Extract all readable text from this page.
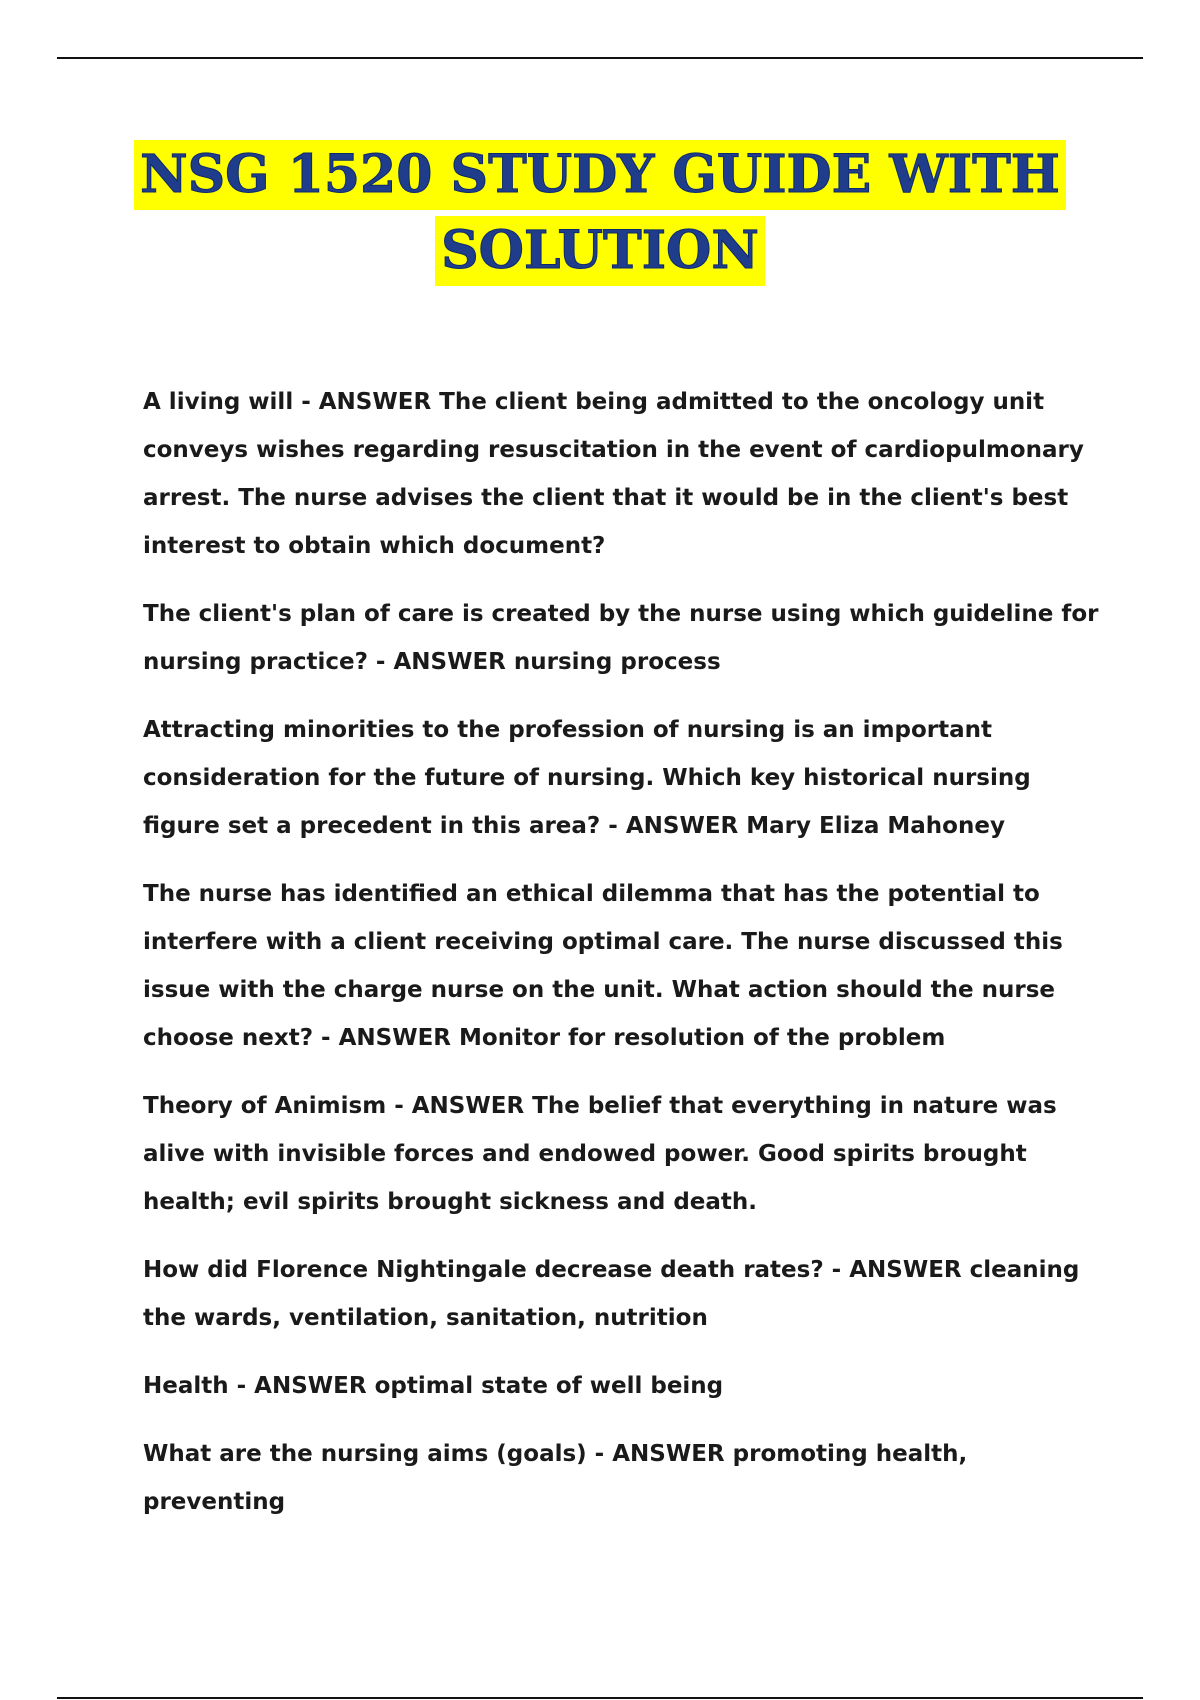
NSG 1520 STUDY GUIDE WITH
SOLUTION

A living will - ANSWER The client being admitted to the oncology unit conveys wishes regarding resuscitation in the event of cardiopulmonary arrest. The nurse advises the client that it would be in the client's best interest to obtain which document?

The client's plan of care is created by the nurse using which guideline for nursing practice? - ANSWER nursing process

Attracting minorities to the profession of nursing is an important consideration for the future of nursing. Which key historical nursing figure set a precedent in this area? - ANSWER Mary Eliza Mahoney

The nurse has identified an ethical dilemma that has the potential to interfere with a client receiving optimal care. The nurse discussed this issue with the charge nurse on the unit. What action should the nurse choose next? - ANSWER Monitor for resolution of the problem

Theory of Animism - ANSWER The belief that everything in nature was alive with invisible forces and endowed power. Good spirits brought health; evil spirits brought sickness and death.

How did Florence Nightingale decrease death rates? - ANSWER cleaning the wards, ventilation, sanitation, nutrition

Health - ANSWER optimal state of well being

What are the nursing aims (goals) - ANSWER promoting health, preventing
